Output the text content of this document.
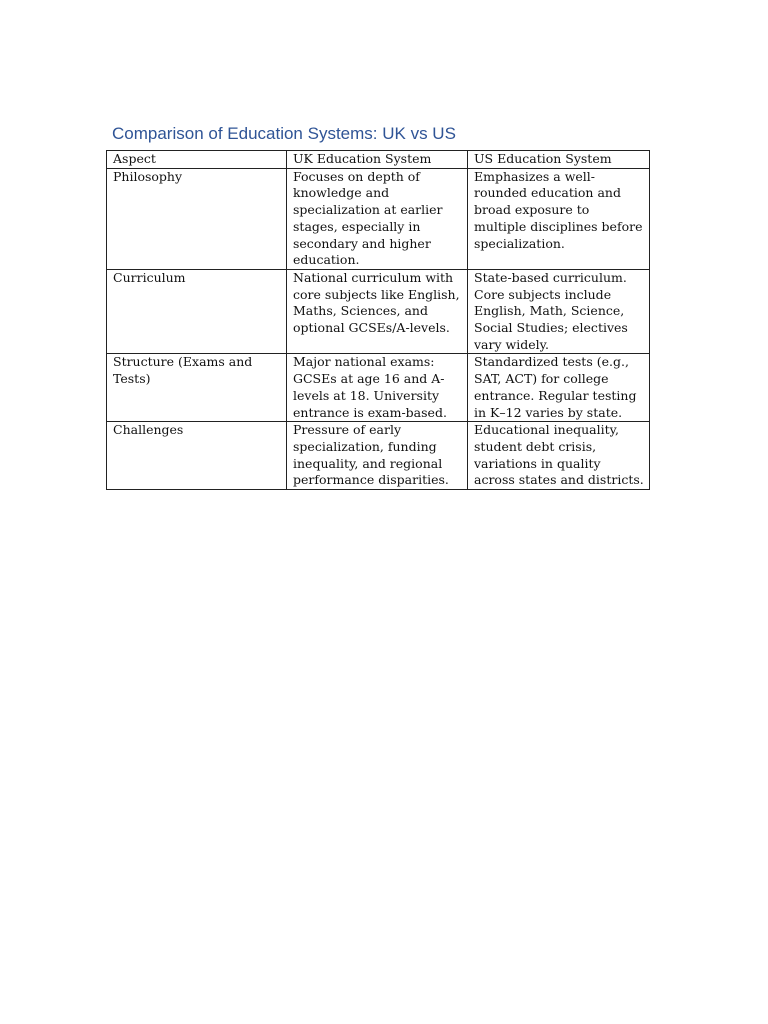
Comparison of Education Systems: UK vs US
Aspect	UK Education System	US Education System
Philosophy	Focuses on depth of knowledge and specialization at earlier stages, especially in secondary and higher education.	Emphasizes a well-rounded education and broad exposure to multiple disciplines before specialization.
Curriculum	National curriculum with core subjects like English, Maths, Sciences, and optional GCSEs/A-levels.	State-based curriculum. Core subjects include English, Math, Science, Social Studies; electives vary widely.
Structure (Exams and Tests)	Major national exams: GCSEs at age 16 and A-levels at 18. University entrance is exam-based.	Standardized tests (e.g., SAT, ACT) for college entrance. Regular testing in K–12 varies by state.
Challenges	Pressure of early specialization, funding inequality, and regional performance disparities.	Educational inequality, student debt crisis, variations in quality across states and districts.
